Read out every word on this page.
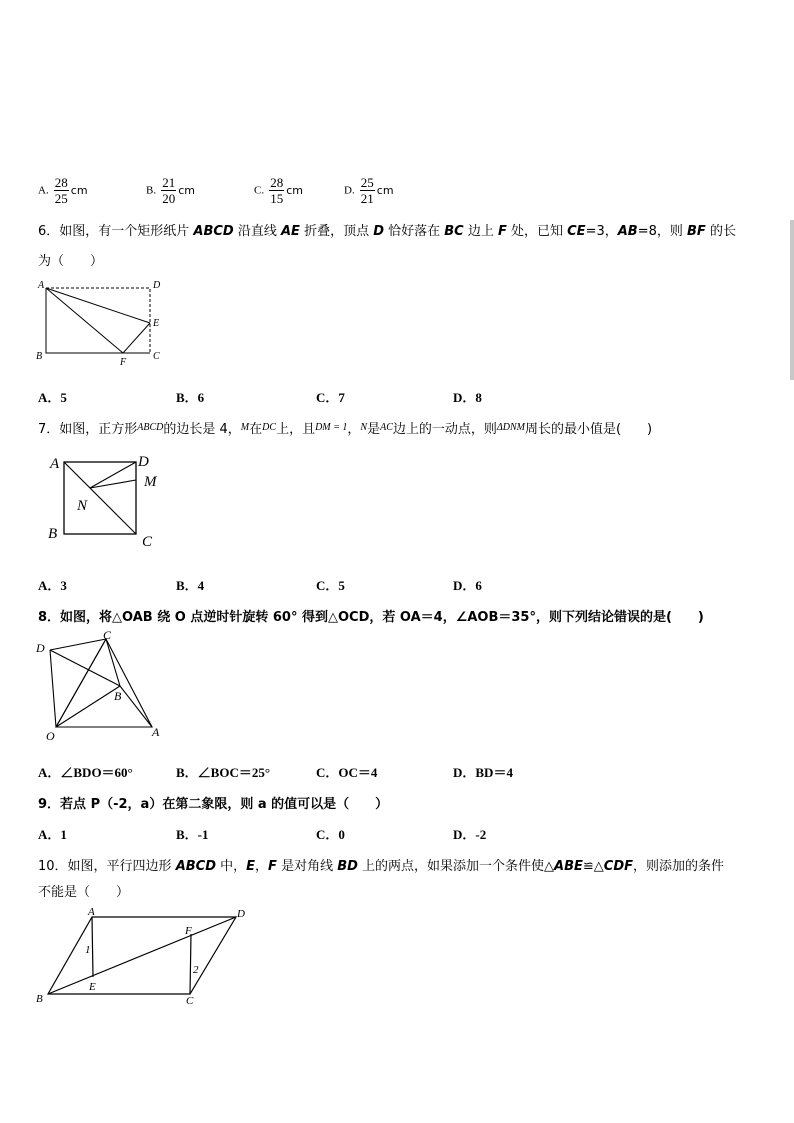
A. $\frac{28}{25}$ cm	B. $\frac{21}{20}$ cm	C. $\frac{28}{15}$ cm	D. $\frac{25}{21}$ cm
6．如图，有一个矩形纸片 ABCD 沿直线 AE 折叠，顶点 D 恰好落在 BC 边上 F 处，已知 CE=3，AB=8，则 BF 的长
为（　　）
A	D
E
B
F
C
A．5	B．6	C．7	D．8
7．如图，正方形$^{ABCD}$的边长是 4，$^M$在$^{DC}$上，且$^{DM = 1}$，$^N$是$^{AC}$边上的一动点，则$^{\Delta DNM}$周长的最小值是(　　)
A	D
M
N
B	C
A．3	B．4	C．5	D．6
8．如图，将△OAB 绕 O 点逆时针旋转 60° 得到△OCD，若 OA＝4，∠AOB＝35°，则下列结论错误的是(　　)
D
C
B
O	A
A．∠BDO＝60°	B．∠BOC＝25°	C．OC＝4	D．BD＝4
9．若点 P（-2，a）在第二象限，则 a 的值可以是（　　）
A．1	B．-1	C．0	D．-2
10．如图，平行四边形 ABCD 中，E，F 是对角线 BD 上的两点，如果添加一个条件使△ABE≌△CDF，则添加的条件
不能是（　　）
A	D
F
1
2
B
E
C
